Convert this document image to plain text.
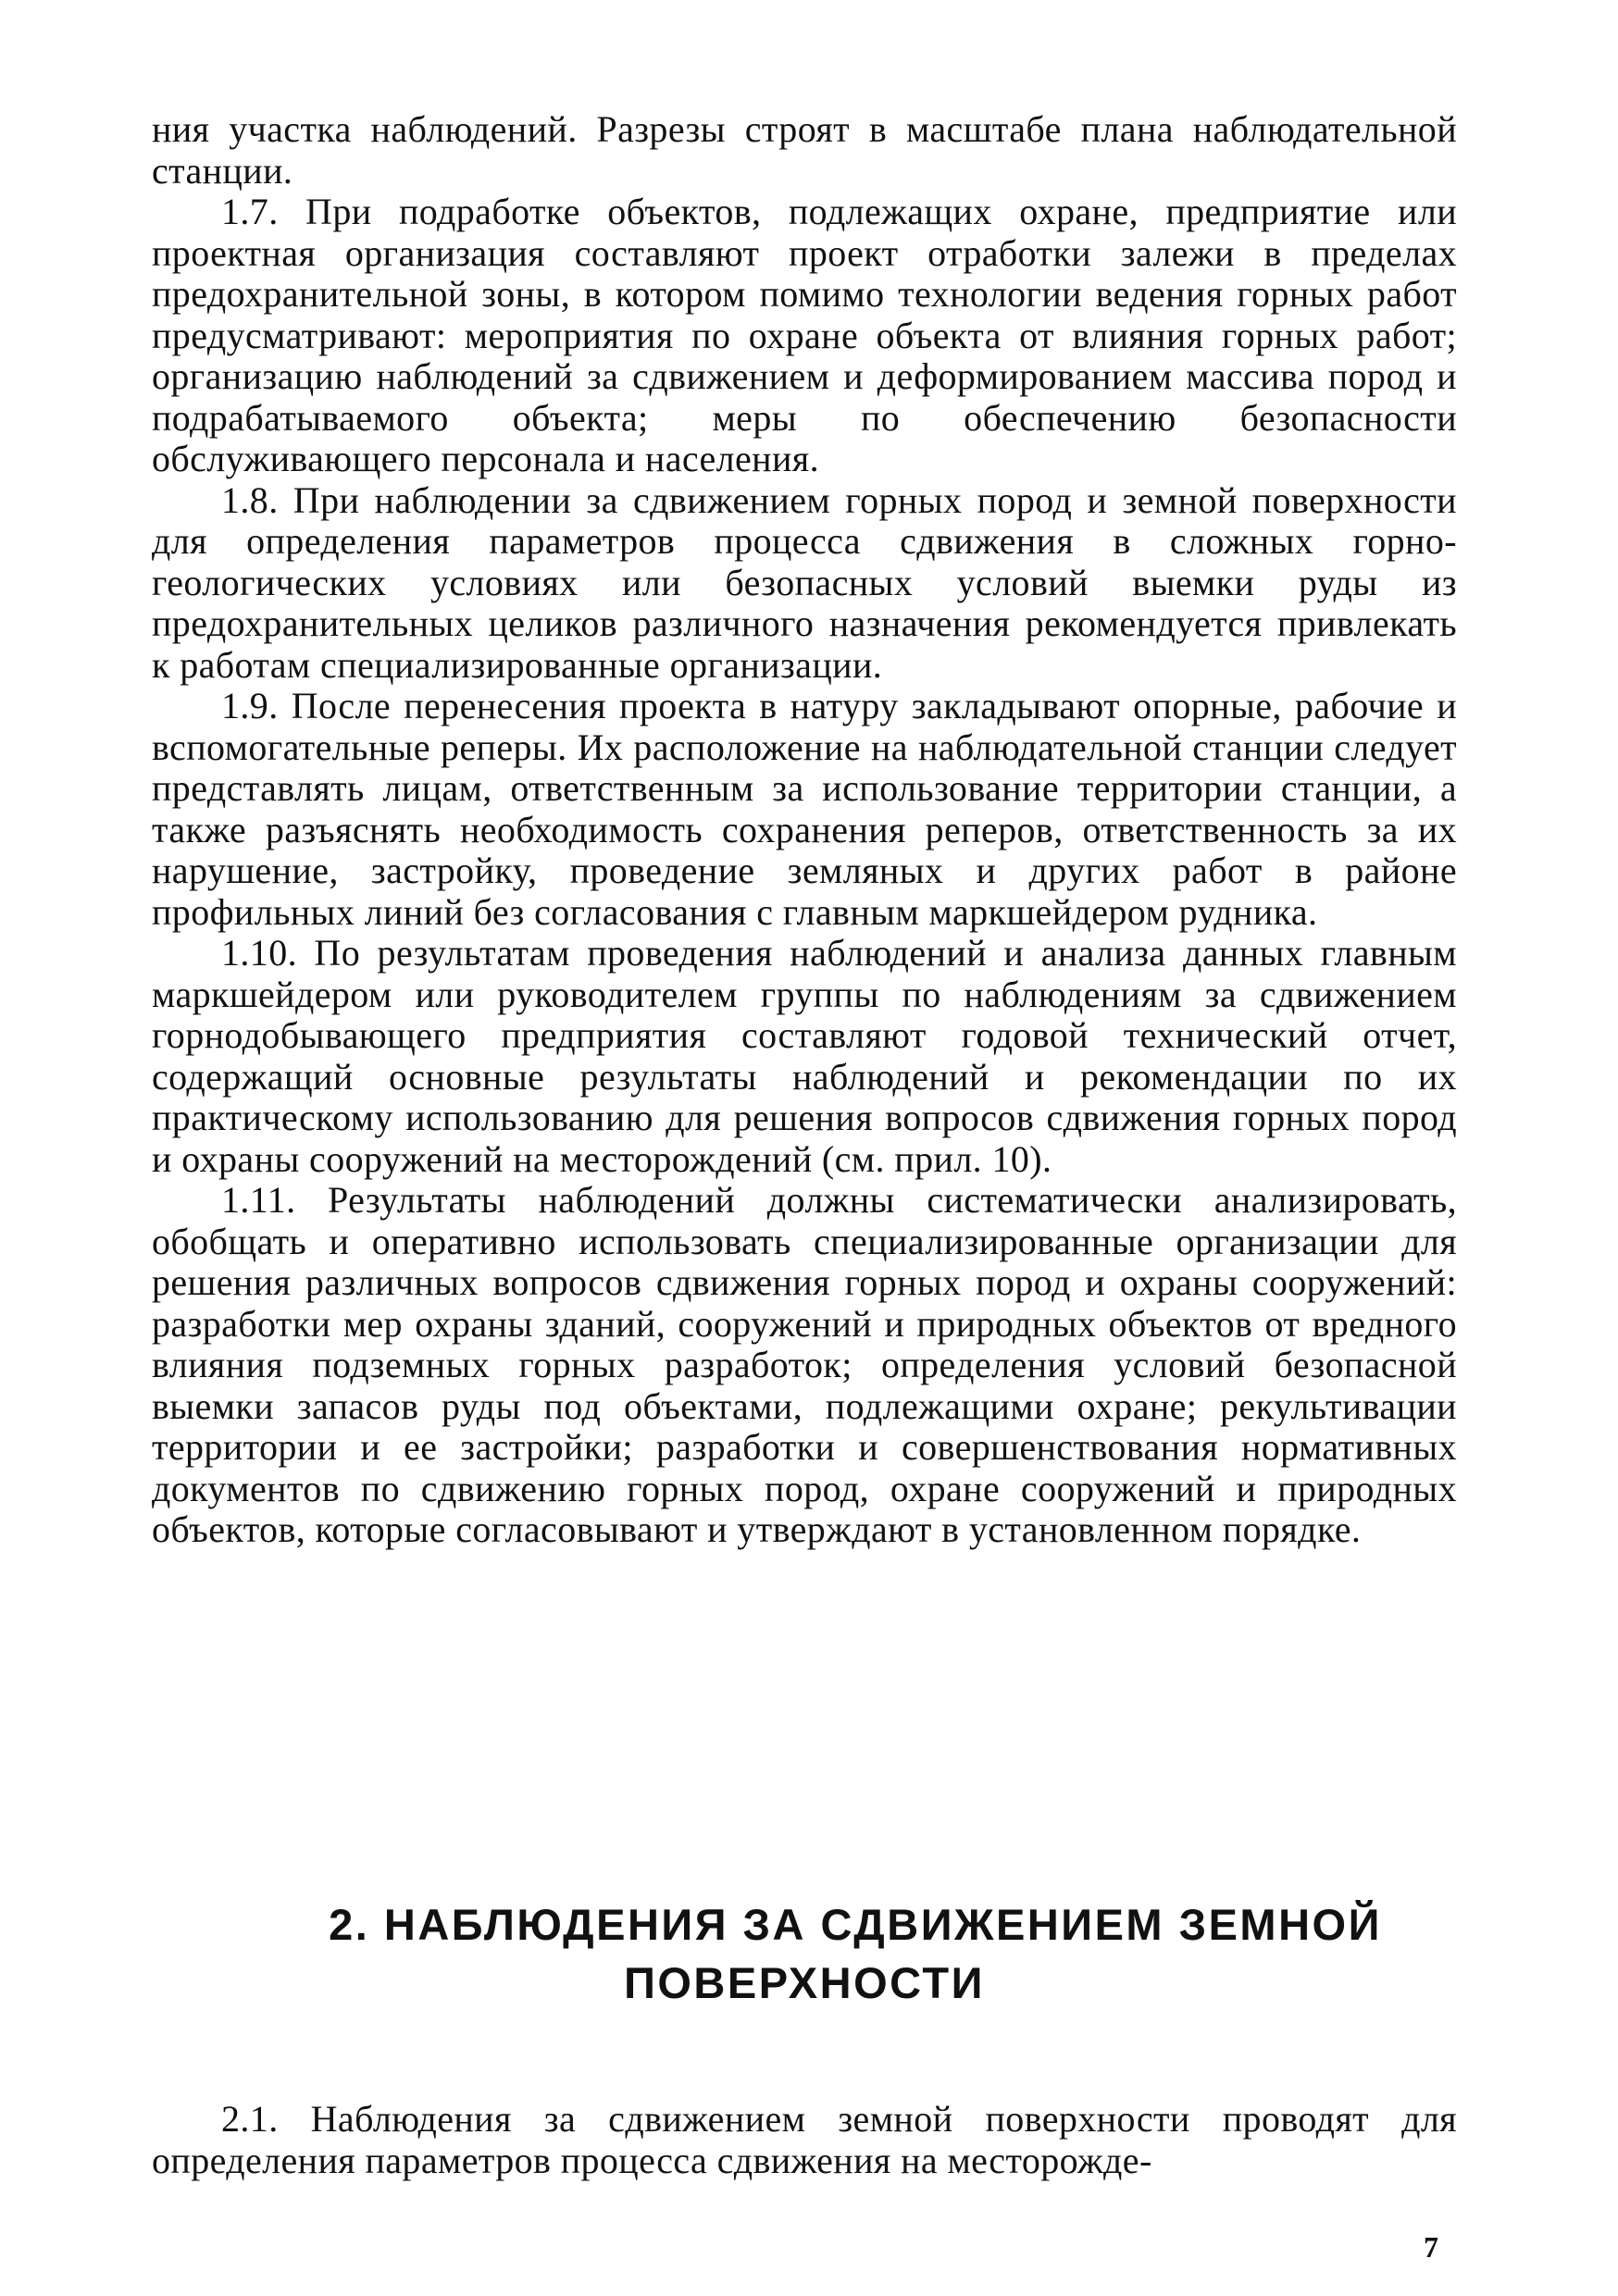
ния участка наблюдений. Разрезы строят в масштабе плана наблюдательной станции.

1.7. При подработке объектов, подлежащих охране, предприятие или проектная организация составляют проект отработки залежи в пределах предохранительной зоны, в котором помимо технологии ведения горных работ предусматривают: мероприятия по охране объекта от влияния горных работ; организацию наблюдений за сдвижением и деформированием массива пород и подрабатываемого объекта; меры по обеспечению безопасности обслуживающего персонала и населения.

1.8. При наблюдении за сдвижением горных пород и земной поверхности для определения параметров процесса сдвижения в сложных горно-геологических условиях или безопасных условий выемки руды из предохранительных целиков различного назначения рекомендуется привлекать к работам специализированные организации.

1.9. После перенесения проекта в натуру закладывают опорные, рабочие и вспомогательные реперы. Их расположение на наблюдательной станции следует представлять лицам, ответственным за использование территории станции, а также разъяснять необходимость сохранения реперов, ответственность за их нарушение, застройку, проведение земляных и других работ в районе профильных линий без согласования с главным маркшейдером рудника.

1.10. По результатам проведения наблюдений и анализа данных главным маркшейдером или руководителем группы по наблюдениям за сдвижением горнодобывающего предприятия составляют годовой технический отчет, содержащий основные результаты наблюдений и рекомендации по их практическому использованию для решения вопросов сдвижения горных пород и охраны сооружений на месторождений (см. прил. 10).

1.11. Результаты наблюдений должны систематически анализировать, обобщать и оперативно использовать специализированные организации для решения различных вопросов сдвижения горных пород и охраны сооружений: разработки мер охраны зданий, сооружений и природных объектов от вредного влияния подземных горных разработок; определения условий безопасной выемки запасов руды под объектами, подлежащими охране; рекультивации территории и ее застройки; разработки и совершенствования нормативных документов по сдвижению горных пород, охране сооружений и природных объектов, которые согласовывают и утверждают в установленном порядке.

2. НАБЛЮДЕНИЯ ЗА СДВИЖЕНИЕМ ЗЕМНОЙ
ПОВЕРХНОСТИ

2.1. Наблюдения за сдвижением земной поверхности проводят для определения параметров процесса сдвижения на месторожде-

7
